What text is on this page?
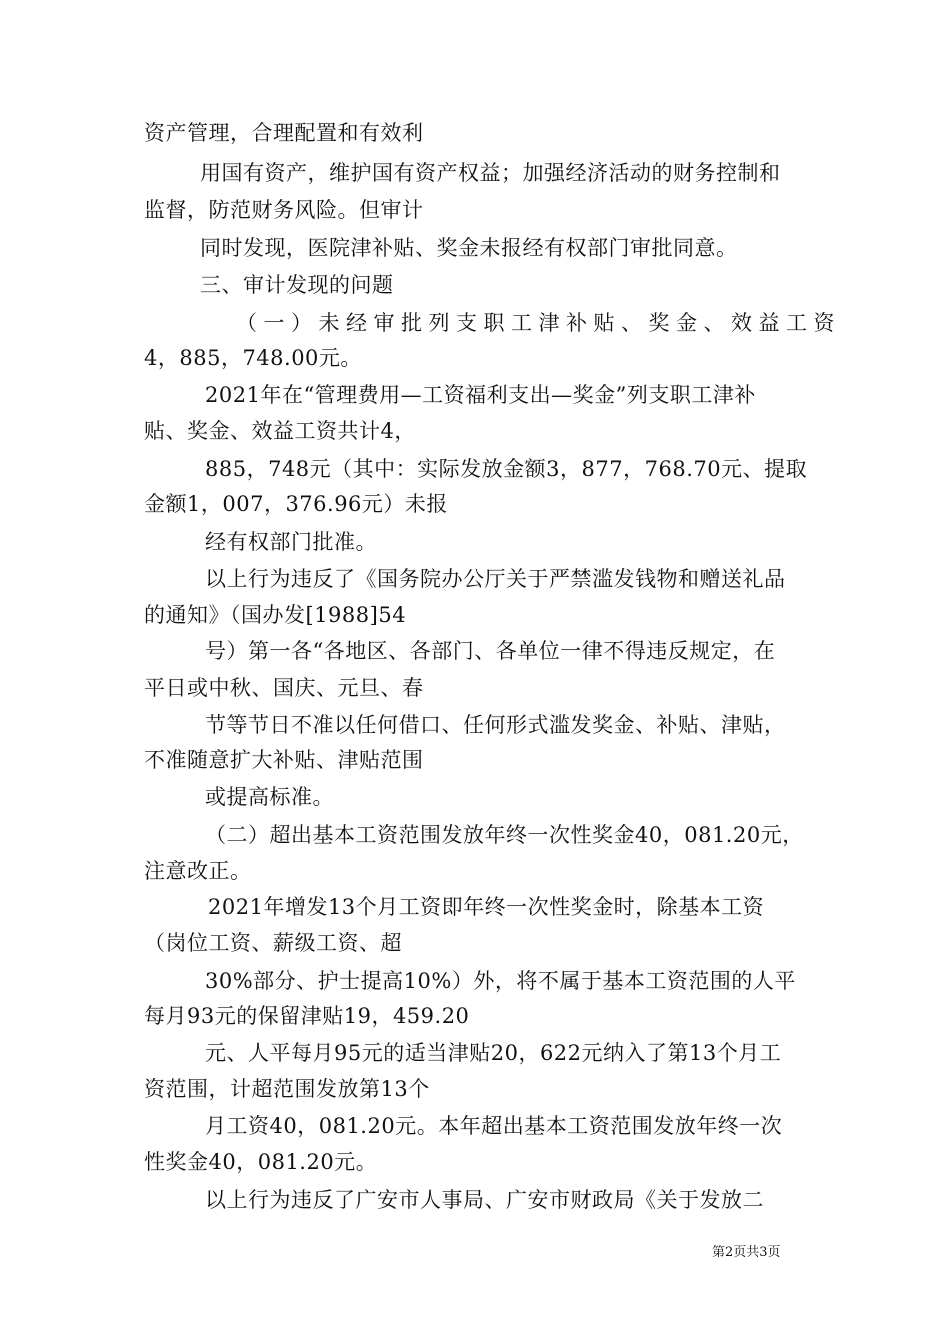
资产管理，合理配置和有效利
用国有资产，维护国有资产权益；加强经济活动的财务控制和
监督，防范财务风险。但审计
同时发现，医院津补贴、奖金未报经有权部门审批同意。
三、审计发现的问题
（一）未经审批列支职工津补贴、奖金、效益工资
4，885，748.00元。
2021年在“管理费用—工资福利支出—奖金”列支职工津补
贴、奖金、效益工资共计4，
885，748元（其中：实际发放金额3，877，768.70元、提取
金额1，007，376.96元）未报
经有权部门批准。
以上行为违反了《国务院办公厅关于严禁滥发钱物和赠送礼品
的通知》（国办发[1988]54
号）第一各“各地区、各部门、各单位一律不得违反规定，在
平日或中秋、国庆、元旦、春
节等节日不准以任何借口、任何形式滥发奖金、补贴、津贴，
不准随意扩大补贴、津贴范围
或提高标准。
（二）超出基本工资范围发放年终一次性奖金40，081.20元，
注意改正。
2021年增发13个月工资即年终一次性奖金时，除基本工资
（岗位工资、薪级工资、超
30%部分、护士提高10%）外，将不属于基本工资范围的人平
每月93元的保留津贴19，459.20
元、人平每月95元的适当津贴20，622元纳入了第13个月工
资范围，计超范围发放第13个
月工资40，081.20元。本年超出基本工资范围发放年终一次
性奖金40，081.20元。
以上行为违反了广安市人事局、广安市财政局《关于发放二
第2页共3页
